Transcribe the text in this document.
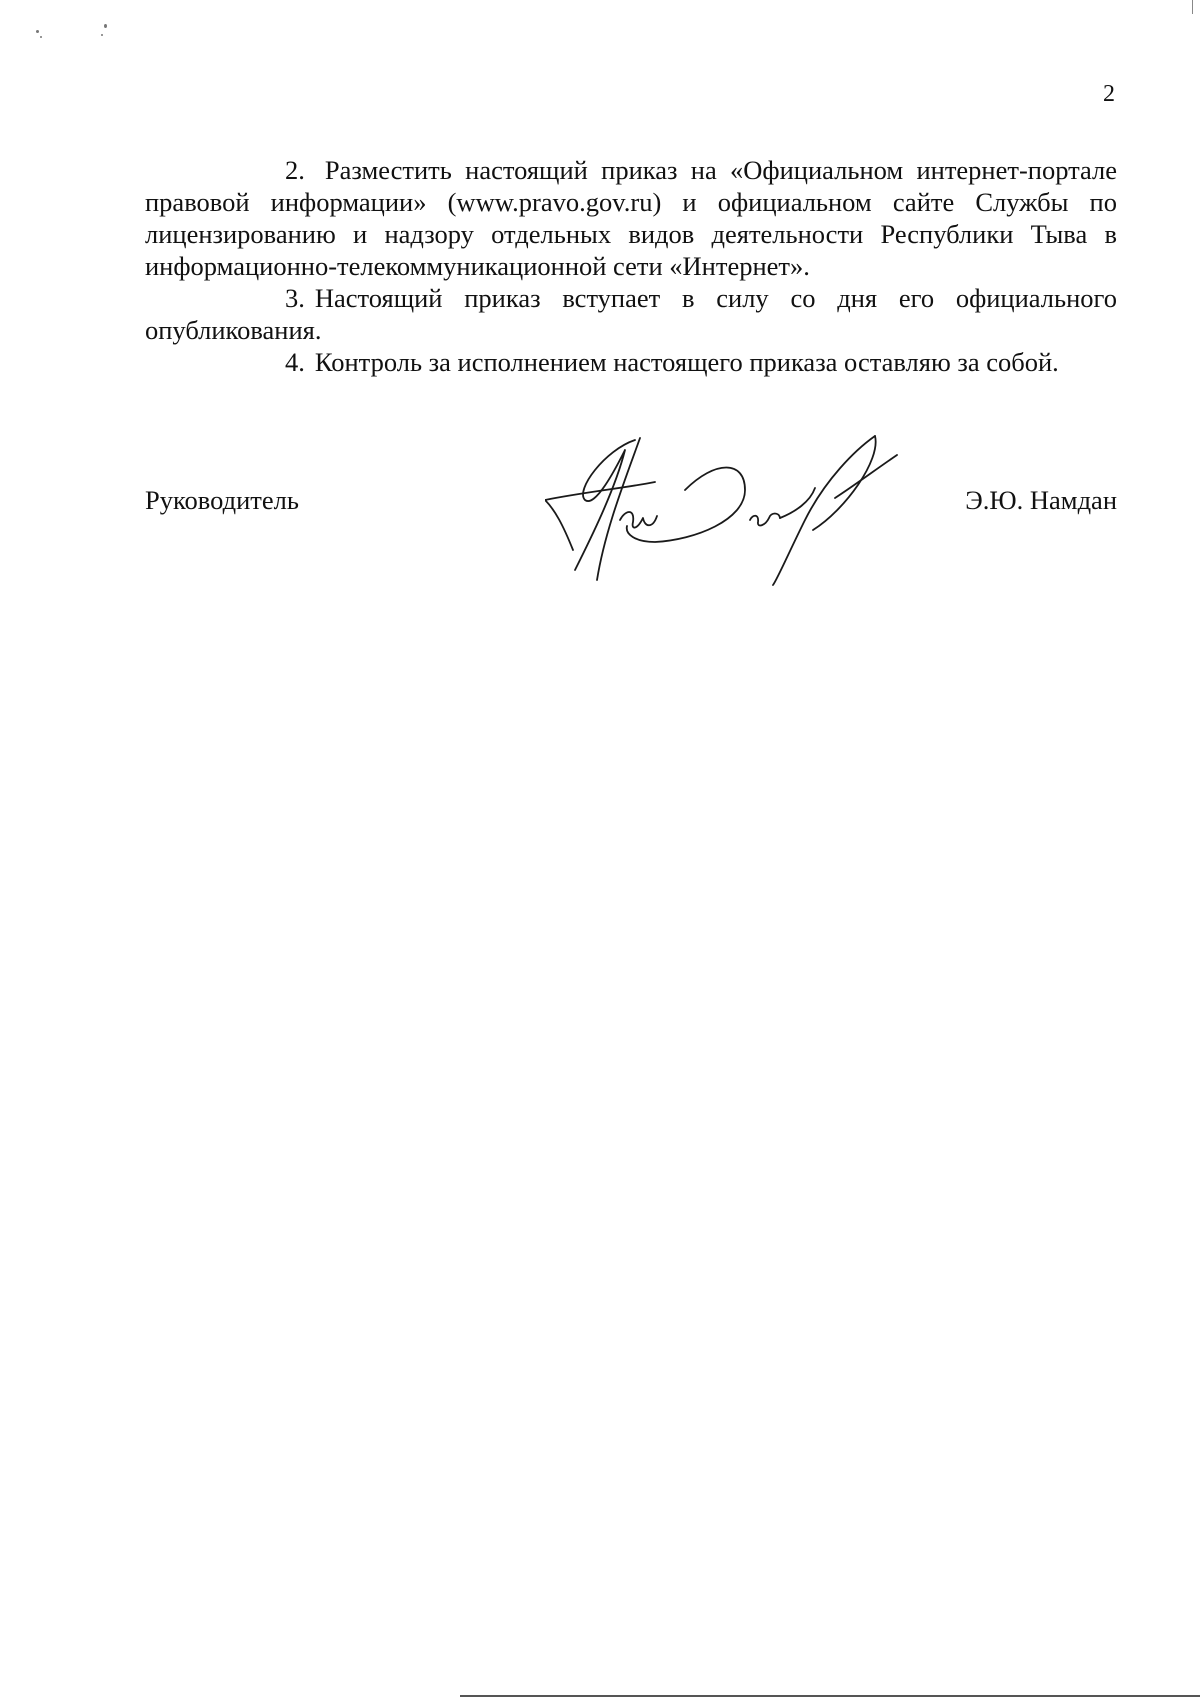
2

2. Разместить настоящий приказ на «Официальном интернет-портале правовой информации» (www.pravo.gov.ru) и официальном сайте Службы по лицензированию и надзору отдельных видов деятельности Республики Тыва в информационно-телекоммуникационной сети «Интернет».

3. Настоящий приказ вступает в силу со дня его официального опубликования.

4. Контроль за исполнением настоящего приказа оставляю за собой.

Руководитель	Э.Ю. Намдан
